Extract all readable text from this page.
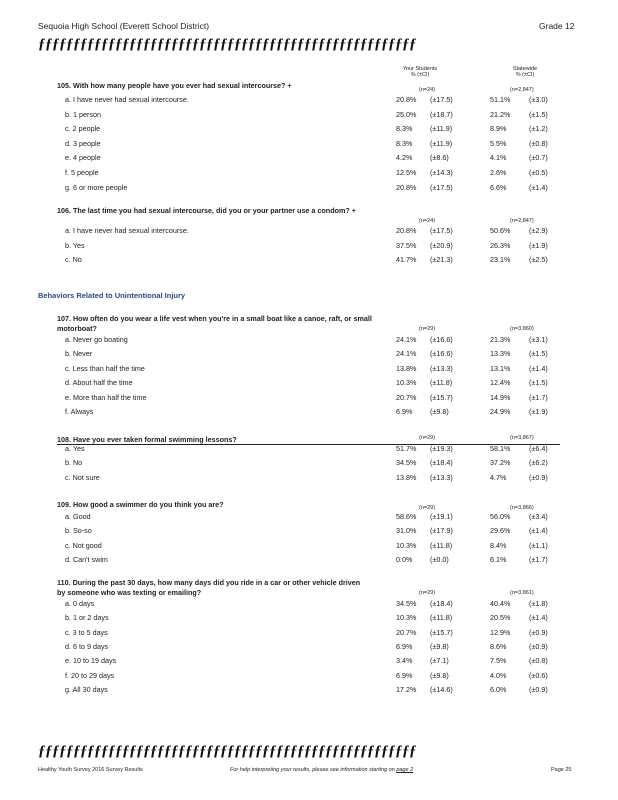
Sequoia High School (Everett School District)	Grade 12
ƒƒƒƒƒƒƒƒƒƒƒƒƒƒƒƒƒƒƒƒƒƒƒƒƒƒƒƒƒƒƒƒƒƒƒƒƒƒƒƒƒƒƒƒƒƒƒƒƒƒƒƒƒƒ
Your Students
% (±CI)
Statewide
% (±CI)
105. With how many people have you ever had sexual intercourse? +	(n=24)	(n=2,847)
a. I have never had sexual intercourse.	20.8% (±17.5)	51.1%	(±3.0)
b. 1 person	25.0% (±18.7)	21.2%	(±1.5)
c. 2 people	8.3% (±11.9)	8.9%	(±1.2)
d. 3 people	8.3% (±11.9)	5.5%	(±0.8)
e. 4 people	4.2% (±8.6)	4.1%	(±0.7)
f. 5 people	12.5% (±14.3)	2.6%	(±0.5)
g. 6 or more people	20.8% (±17.5)	6.6%	(±1.4)
106. The last time you had sexual intercourse, did you or your partner use a condom? +
(n=24)	(n=2,847)
a. I have never had sexual intercourse.	20.8% (±17.5)	50.6%	(±2.9)
b. Yes	37.5% (±20.9)	26.3%	(±1.9)
c. No	41.7% (±21.3)	23.1%	(±2.5)
107. How often do you wear a life vest when you're in a small boat like a canoe, raft, or small motorboat?	(n=29)	(n=3,860)
a. Never go boating	24.1% (±16.6)	21.3%	(±3.1)
b. Never	24.1% (±16.6)	13.3%	(±1.5)
c. Less than half the time	13.8% (±13.3)	13.1%	(±1.4)
d. About half the time	10.3% (±11.8)	12.4%	(±1.5)
e. More than half the time	20.7% (±15.7)	14.9%	(±1.7)
f. Always	6.9% (±9.8)	24.9%	(±1.9)
108. Have you ever taken formal swimming lessons?	(n=29)	(n=3,867)
a. Yes	51.7% (±19.3)	58.1%	(±6.4)
b. No	34.5% (±18.4)	37.2%	(±6.2)
c. Not sure	13.8% (±13.3)	4.7%	(±0.9)
109. How good a swimmer do you think you are?	(n=29)	(n=3,866)
a. Good	58.6% (±19.1)	56.0%	(±3.4)
b. So-so	31.0% (±17.9)	29.6%	(±1.4)
c. Not good	10.3% (±11.8)	8.4%	(±1.1)
d. Can't swim	0.0% (±0.0)	6.1%	(±1.7)
110. During the past 30 days, how many days did you ride in a car or other vehicle driven by someone who was texting or emailing?	(n=29)	(n=3,861)
a. 0 days	34.5% (±18.4)	40.4%	(±1.8)
b. 1 or 2 days	10.3% (±11.8)	20.5%	(±1.4)
c. 3 to 5 days	20.7% (±15.7)	12.9%	(±0.9)
d. 6 to 9 days	6.9% (±9.8)	8.6%	(±0.9)
e. 10 to 19 days	3.4% (±7.1)	7.5%	(±0.8)
f. 20 to 29 days	6.9% (±9.8)	4.0%	(±0.6)
g. All 30 days	17.2% (±14.6)	6.0%	(±0.9)
Behaviors Related to Unintentional Injury
ƒƒƒƒƒƒƒƒƒƒƒƒƒƒƒƒƒƒƒƒƒƒƒƒƒƒƒƒƒƒƒƒƒƒƒƒƒƒƒƒƒƒƒƒƒƒƒƒƒƒƒƒƒƒ
Healthy Youth Survey 2016 Survey Results	For help interpreting your results, please see information starting on page 2	Page 25
